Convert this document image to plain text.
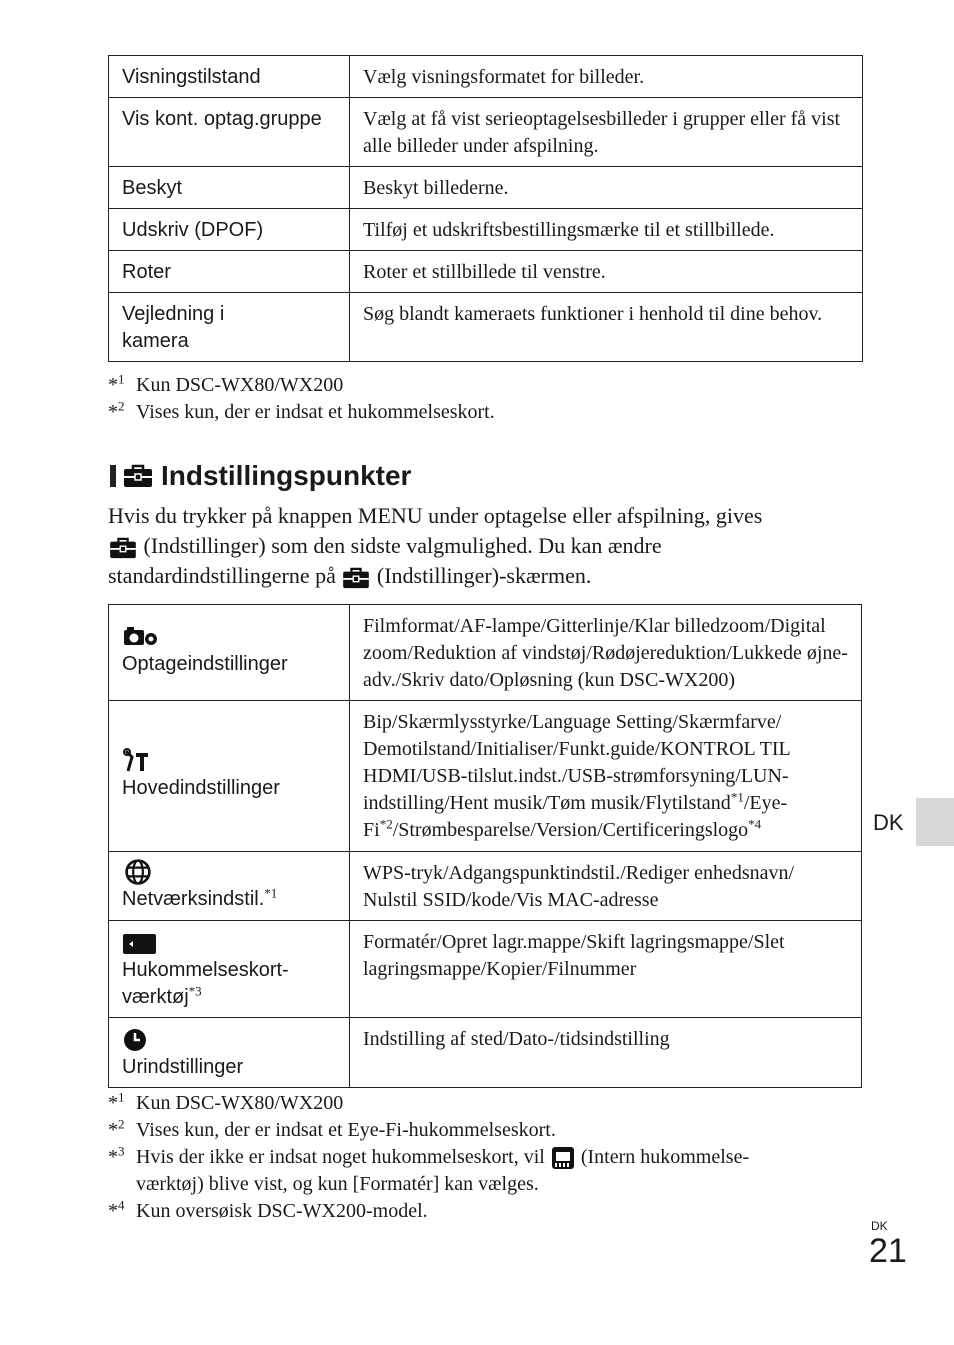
Visningstilstand	Vælg visningsformatet for billeder.
Vis kont. optag.gruppe	Vælg at få vist serieoptagelsesbilleder i grupper eller få vist alle billeder under afspilning.
Beskyt	Beskyt billederne.
Udskriv (DPOF)	Tilføj et udskriftsbestillingsmærke til et stillbillede.
Roter	Roter et stillbillede til venstre.
Vejledning i kamera	Søg blandt kameraets funktioner i henhold til dine behov.
*$^1$ Kun DSC-WX80/WX200
*$^2$ Vises kun, der er indsat et hukommelseskort.
Indstillingspunkter
Hvis du trykker på knappen MENU under optagelse eller afspilning, gives
(Indstillinger) som den sidste valgmulighed. Du kan ændre
standardindstillingerne på (Indstillinger)-skærmen.
Optageindstillinger	Filmformat/AF-lampe/Gitterlinje/Klar billedzoom/Digital zoom/Reduktion af vindstøj/Rødøjereduktion/Lukkede øjne-adv./Skriv dato/Opløsning (kun DSC-WX200)

Hovedindstillinger	Bip/Skærmlysstyrke/Language Setting/Skærmfarve/ Demotilstand/Initialiser/Funkt.guide/KONTROL TIL HDMI/USB-tilslut.indst./USB-strømforsyning/LUN-indstilling/Hent musik/Tøm musik/Flytilstand$^{*1}$/Eye-Fi$^{*2}$/Strømbesparelse/Version/Certificeringslogo$^{*4}$

Netværksindstil.$^{*1}$	WPS-tryk/Adgangspunktindstil./Rediger enhedsnavn/ Nulstil SSID/kode/Vis MAC-adresse

Hukommelseskort-værktøj$^{*3}$	Formatér/Opret lagr.mappe/Skift lagringsmappe/Slet lagringsmappe/Kopier/Filnummer

Urindstillinger	Indstilling af sted/Dato-/tidsindstilling
*$^1$ Kun DSC-WX80/WX200
*$^2$ Vises kun, der er indsat et Eye-Fi-hukommelseskort.
*$^3$ Hvis der ikke er indsat noget hukommelseskort, vil (Intern hukommelse-
værktøj) blive vist, og kun [Formatér] kan vælges.
*$^4$ Kun oversøisk DSC-WX200-model.
DK
DK
21
